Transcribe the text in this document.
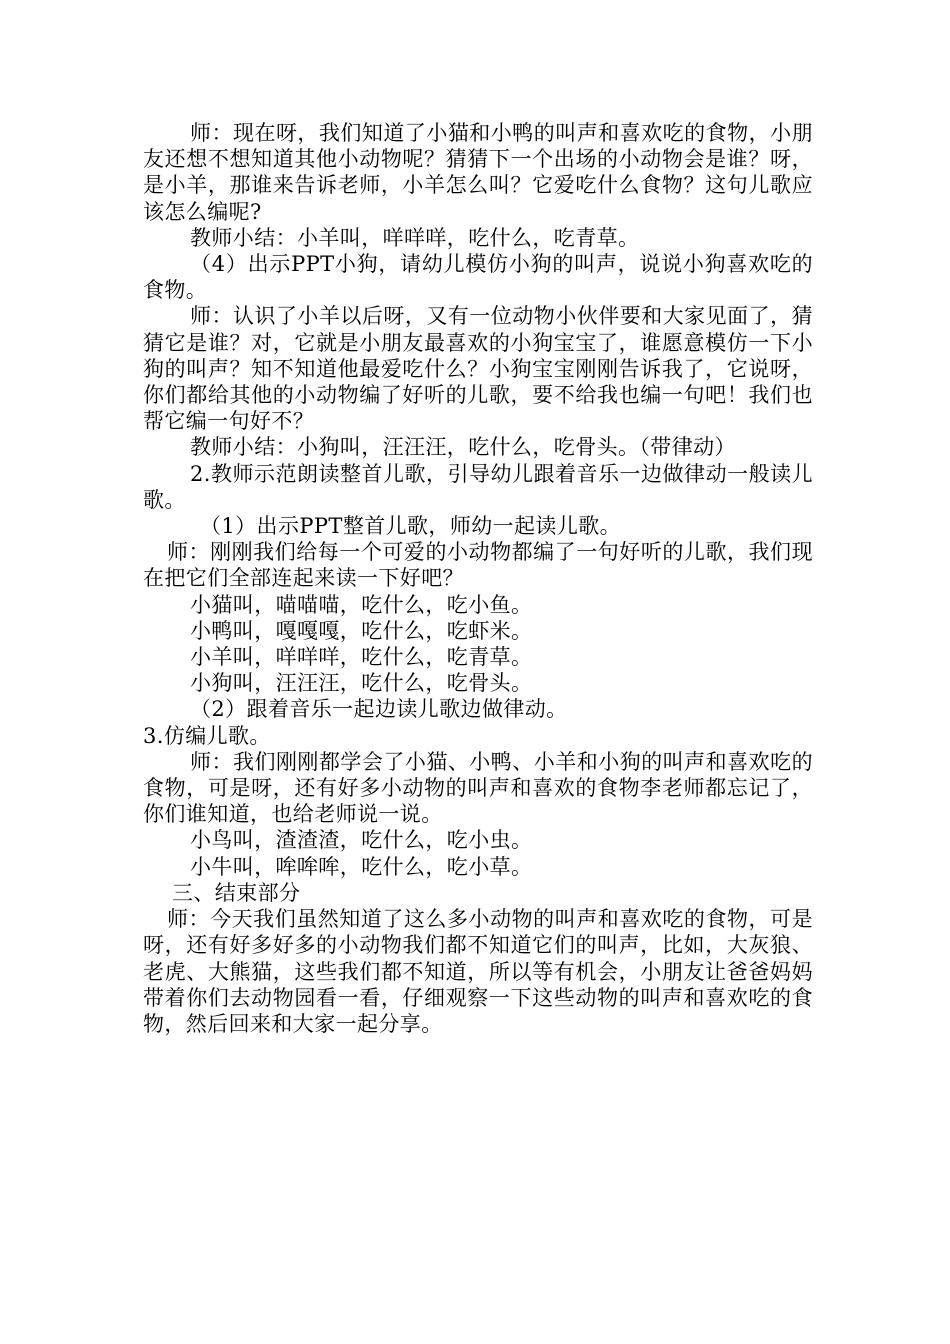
师：现在呀，我们知道了小猫和小鸭的叫声和喜欢吃的食物，小朋友还想不想知道其他小动物呢？猜猜下一个出场的小动物会是谁？呀，是小羊，那谁来告诉老师，小羊怎么叫？它爱吃什么食物？这句儿歌应该怎么编呢?

教师小结：小羊叫，咩咩咩，吃什么，吃青草。

（4）出示PPT小狗，请幼儿模仿小狗的叫声，说说小狗喜欢吃的食物。

师：认识了小羊以后呀，又有一位动物小伙伴要和大家见面了，猜猜它是谁？对，它就是小朋友最喜欢的小狗宝宝了，谁愿意模仿一下小狗的叫声？知不知道他最爱吃什么？小狗宝宝刚刚告诉我了，它说呀，你们都给其他的小动物编了好听的儿歌，要不给我也编一句吧！我们也帮它编一句好不？

教师小结：小狗叫，汪汪汪，吃什么，吃骨头。（带律动）

2.教师示范朗读整首儿歌，引导幼儿跟着音乐一边做律动一般读儿歌。

（1）出示PPT整首儿歌，师幼一起读儿歌。

师：刚刚我们给每一个可爱的小动物都编了一句好听的儿歌，我们现在把它们全部连起来读一下好吧？

小猫叫，喵喵喵，吃什么，吃小鱼。

小鸭叫，嘎嘎嘎，吃什么，吃虾米。

小羊叫，咩咩咩，吃什么，吃青草。

小狗叫，汪汪汪，吃什么，吃骨头。

（2）跟着音乐一起边读儿歌边做律动。

3.仿编儿歌。

师：我们刚刚都学会了小猫、小鸭、小羊和小狗的叫声和喜欢吃的食物，可是呀，还有好多小动物的叫声和喜欢的食物李老师都忘记了，你们谁知道，也给老师说一说。

小鸟叫，渣渣渣，吃什么，吃小虫。

小牛叫，哞哞哞，吃什么，吃小草。

三、结束部分

师：今天我们虽然知道了这么多小动物的叫声和喜欢吃的食物，可是呀，还有好多好多的小动物我们都不知道它们的叫声，比如，大灰狼、老虎、大熊猫，这些我们都不知道，所以等有机会，小朋友让爸爸妈妈带着你们去动物园看一看，仔细观察一下这些动物的叫声和喜欢吃的食物，然后回来和大家一起分享。
